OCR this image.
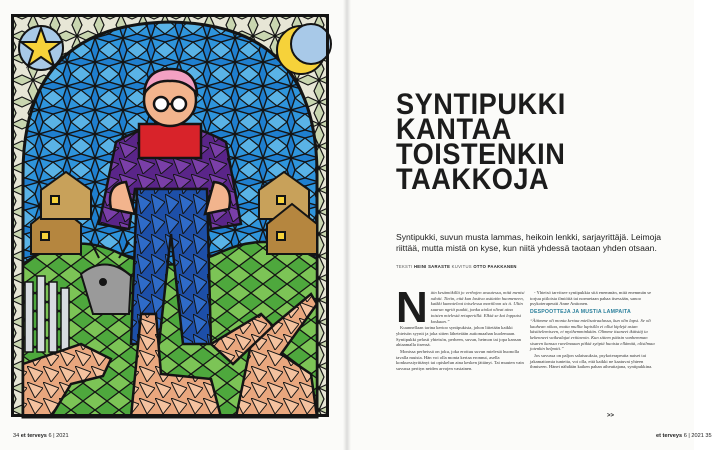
34 et terveys 6 | 2021
SYNTIPUKKI
KANTAA
TOISTENKIN
TAAKKOJA

Syntipukki, suvun musta lammas, heikoin lenkki, sarjayrittäjä. Leimoja riittää, mutta mistä on kyse, kun niitä yhdessä taotaan yhden otsaan.

TEKSTI HEINI SARASTE KUVITUS OTTO PAAKKANEN
N äin kesämökillä jo verhojen avautessa, mitä menisi odotti. Tietin, että kun lastiva astiatön huomeneen, kaikki kumoteleat toiselessa martiloon sis ti. Ultin suurun ngrtit puukit, jonka aiolat olivat aina toisten mielestä retupertillä. Elkiä se kai loppuisi koskaan.”

Kuunnellaan tarina kertoo syntipukista, johon liitetään kaikki yhteisön syynit ja joka sitten lähetetään autiomaahan kuolemaan. Syntipukki pelasti yhteisön, perheen, suvun, heimon tai jopa kansan ahtaamalla itsensä.

Monissa perheissä on joku, joka erottuu suvun mielestä huonolla tavalla muista. Hän voi olla monta kertaa eronnut, asella konkurssiyrittänyt tai opiskelun aina kesken jättänyt. Tai muuten vain suvussa perityn neiden arvojen vastainen.

- Yhteisö tarvitsee syntipukkia sitä enemmän, mitä enemmän se torjuu piiloista ilmiöitä tai normeiaan pahaa itsessään, sanoo psykoterapeutti Anne Anttonen.

DESPOOTTEJA JA MUSTIA LAMPAITA

“Äitimme oli monta kertaa mielisairaalassa, kun olin lapsi. Se oli kauhean oikaa, mutta mullia lupisilla ei ollut kiplejä asian käsittelemiseen, ei myöhemminkään. Olimme itsaneet ikäistäj ia kekenneet vaikealajat ertitavoin. Kun sittem pääsin vanhemman sisaren kanssa ruvelmaaan pitkiä syöpiä huoista ellämää, olisilmaa jotenkin helpotti.”

Jos suvussa on paljon salaisuuksia, psykoterapeutta naiset tai jakamattomia tunteita, voi olla, että kaikki ne kaatuvat yhteen ihmiseen. Hänet nähdään kaiken pahan aiheuttajana, syntipukkina.

>>
et terveys 6 | 2021 35
